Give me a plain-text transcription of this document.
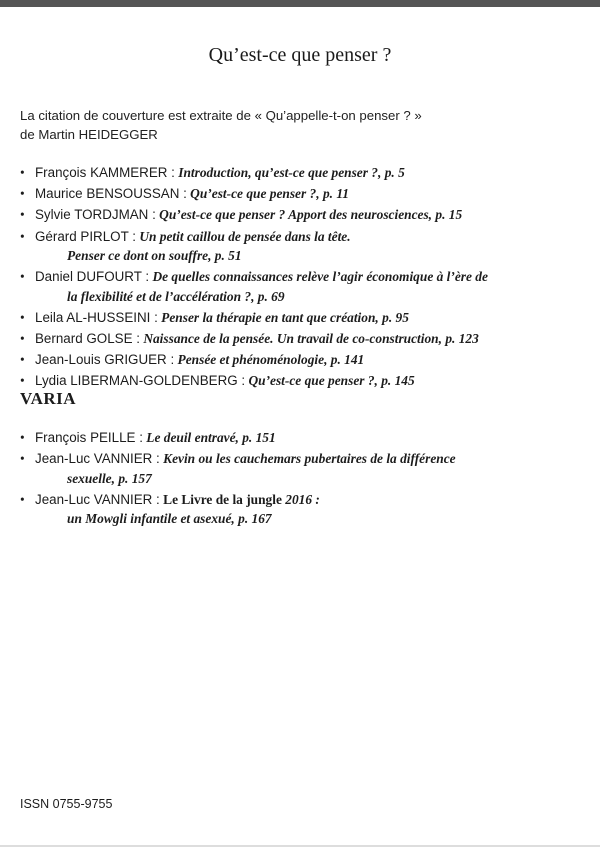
Qu’est-ce que penser ?
La citation de couverture est extraite de « Qu’appelle-t-on penser ? »
de Martin HEIDEGGER
• François KAMMERER : Introduction, qu’est-ce que penser ?, p. 5
• Maurice BENSOUSSAN : Qu’est-ce que penser ?, p. 11
• Sylvie TORDJMAN : Qu’est-ce que penser ? Apport des neurosciences, p. 15
• Gérard PIRLOT : Un petit caillou de pensée dans la tête.
Penser ce dont on souffre, p. 51
• Daniel DUFOURT : De quelles connaissances relève l’agir économique à l’ère de
la flexibilité et de l’accélération ?, p. 69
• Leila AL-HUSSEINI : Penser la thérapie en tant que création, p. 95
• Bernard GOLSE : Naissance de la pensée. Un travail de co-construction, p. 123
• Jean-Louis GRIGUER : Pensée et phénoménologie, p. 141
• Lydia LIBERMAN-GOLDENBERG : Qu’est-ce que penser ?, p. 145
VARIA
• François PEILLE : Le deuil entravé, p. 151
• Jean-Luc VANNIER : Kevin ou les cauchemars pubertaires de la différence
sexuelle, p. 157
• Jean-Luc VANNIER : Le Livre de la jungle 2016 :
un Mowgli infantile et asexué, p. 167
ISSN 0755-9755
